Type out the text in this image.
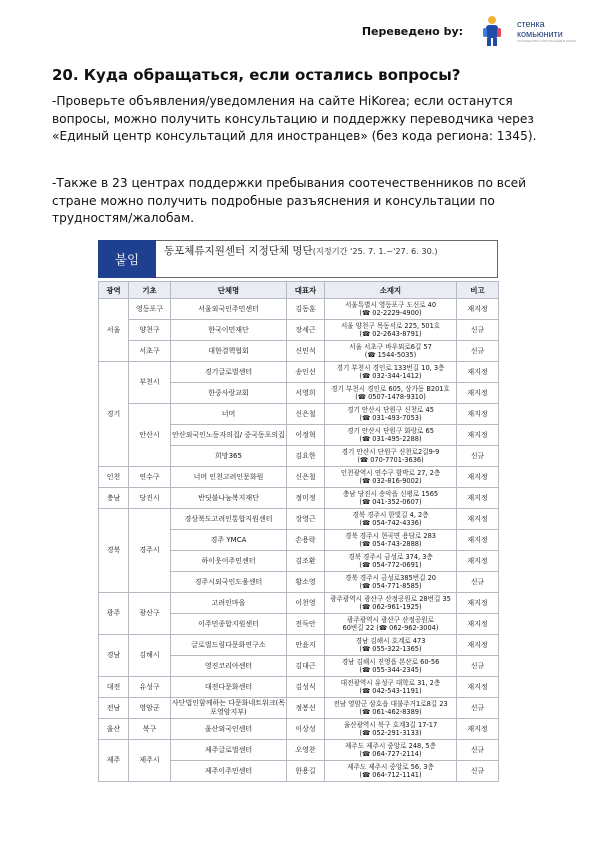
Переведено by:
стенка
комьюнити
СООБЩЕСТВО ИНОСТРАНЦЕВ В КОРЕЕ
20. Куда обращаться, если остались вопросы?
-Проверьте объявления/уведомления на сайте HiKorea; если останутся вопросы, можно получить консультацию и поддержку переводчика через «Единый центр консультаций для иностранцев» (без кода региона: 1345).
-Также в 23 центрах поддержки пребывания соотечественников по всей стране можно получить подробные разъяснения и консультации по трудностям/жалобам.
붙임
동포체류지원센터 지정단체 명단(지정기간 '25. 7. 1.~'27. 6. 30.)
광역	기초	단체명	대표자	소재지	비고
서울	영등포구	서울외국인주민센터	김동훈	서울특별시 영등포구 도신로 40
(☎ 02-2229-4900)	재지정
	양천구	한국이민재단	장세근	서울 양천구 목동서로 225, 501호
(☎ 02-2643-8791)	신규
	서초구	대한결핵협회	신민석	서울 서초구 바우뫼로6길 57
(☎ 1544-5035)	신규
경기	부천시	경기글로벌센터	송인선	경기 부천시 경인로 133번길 10, 3층
(☎ 032-344-1412)	재지정
		한중사랑교회	서영희	경기 부천시 경인로 605, 상가동 B201호
(☎ 0507-1478-9310)	재지정
	안산시	너머	신은철	경기 안산시 단원구 신천로 45
(☎ 031-493-7053)	재지정
		안산외국인노동자의집/ 중국동포의집	이정혁	경기 안산시 단원구 화랑로 65
(☎ 031-495-2288)	재지정
		희망365	김요한	경기 안산시 단원구 신천로2길9-9
(☎ 070-7701-3636)	신규
인천	연수구	너머 인천고려인문화원	신은철	인천광역시 연수구 함박로 27, 2층
(☎ 032-816-9002)	재지정
충남	당진시	반딧불나눔복지재단	정미정	충남 당진시 송악읍 신평로 1565
(☎ 041-352-0607)	재지정
경북	경주시	경상북도고려인통합지원센터	장영근	경북 경주시 한빛길 4, 2층
(☎ 054-742-4336)	재지정
		경주 YMCA	손용락	경북 경주시 현곡면 용담로 283
(☎ 054-743-2888)	재지정
		하이웃이주민센터	김조환	경북 경주시 금성로 374, 3층
(☎ 054-772-0691)	재지정
		경주시외국인도움센터	황소영	경북 경주시 금성로385번길 20
(☎ 054-771-8585)	신규
광주	광산구	고려인마을	이천영	광주광역시 광산구 산정공원로 28번길 35
(☎ 062-961-1925)	재지정
		이주민종합지원센터	전득안	광주광역시 광산구 산정공원로
60번길 22 (☎ 062-962-3004)	재지정
경남	김해시	글로벌드림다문화연구소	안윤지	경남 김해시 호계로 473
(☎ 055-322-1365)	재지정
		영진코리아센터	김대근	경남 김해시 진영읍 본산로 60-56
(☎ 055-344-2345)	신규
대전	유성구	대전다문화센터	김성식	대전광역시 유성구 대학로 31, 2층
(☎ 042-543-1191)	재지정
전남	영암군	사단법인함께하는 다문화네트워크(목포영암지부)	정봉선	전남 영암군 삼호읍 대불주거1로8길 23
(☎ 061-462-8389)	신규
울산	북구	울산외국인센터	이상성	울산광역시 북구 호계3길 17-17
(☎ 052-291-3133)	재지정
제주	제주시	제주글로벌센터	오영찬	제주도 제주시 중앙로 248, 5층
(☎ 064-727-2114)	신규
		제주이주민센터	한용길	제주도 제주시 중앙로 56, 3층
(☎ 064-712-1141)	신규
